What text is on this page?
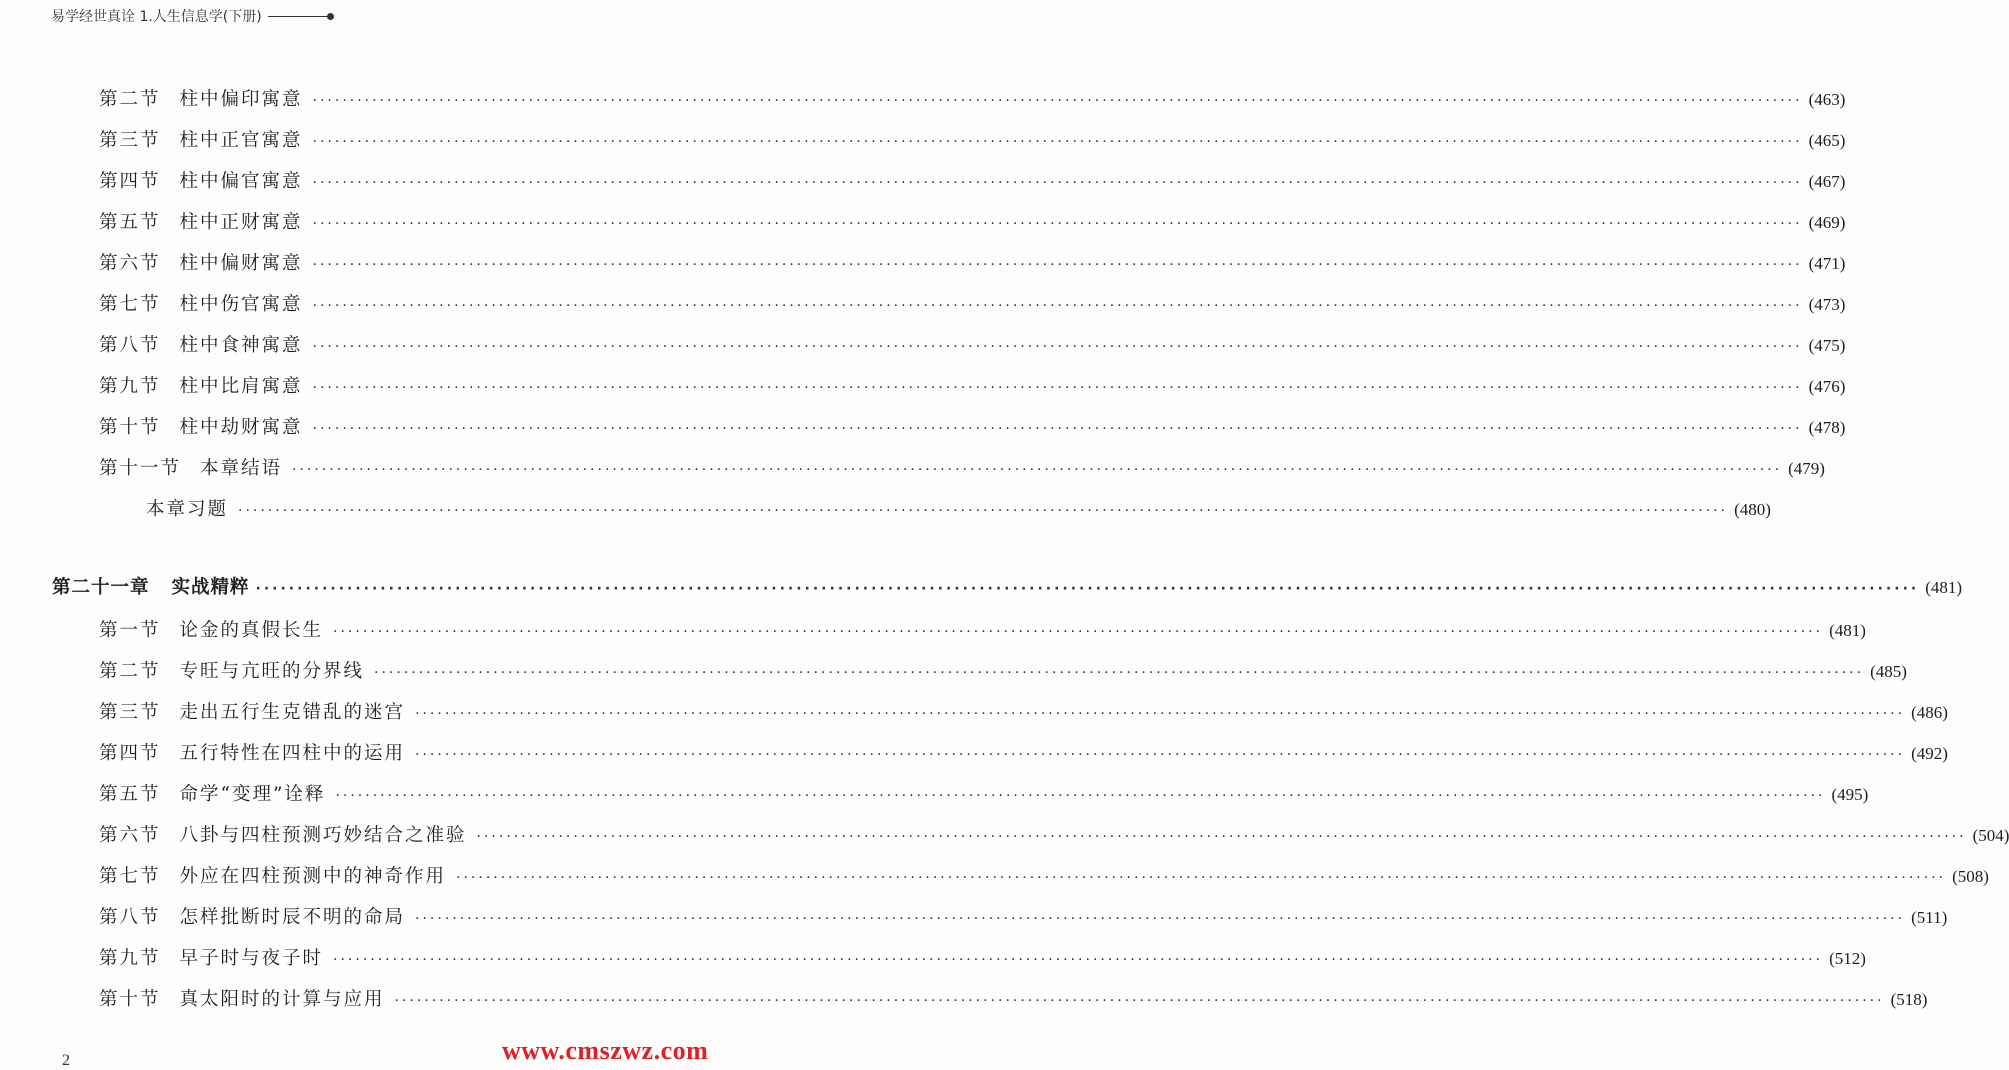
易学经世真诠 1.人生信息学(下册)
第二节 柱中偏印寓意 ········································································································································································································ (463)
第三节 柱中正官寓意 ········································································································································································································ (465)
第四节 柱中偏官寓意 ········································································································································································································ (467)
第五节 柱中正财寓意 ········································································································································································································ (469)
第六节 柱中偏财寓意 ········································································································································································································ (471)
第七节 柱中伤官寓意 ········································································································································································································ (473)
第八节 柱中食神寓意 ········································································································································································································ (475)
第九节 柱中比肩寓意 ········································································································································································································ (476)
第十节 柱中劫财寓意 ········································································································································································································ (478)
第十一节 本章结语 ········································································································································································································ (479)
本章习题 ········································································································································································································ (480)
第二十一章 实战精粹 ········································································································································································································ (481)
第一节 论金的真假长生 ········································································································································································································ (481)
第二节 专旺与亢旺的分界线 ········································································································································································································ (485)
第三节 走出五行生克错乱的迷宫 ········································································································································································································ (486)
第四节 五行特性在四柱中的运用 ········································································································································································································ (492)
第五节 命学“变理”诠释 ········································································································································································································ (495)
第六节 八卦与四柱预测巧妙结合之准验 ········································································································································································································ (504)
第七节 外应在四柱预测中的神奇作用 ········································································································································································································ (508)
第八节 怎样批断时辰不明的命局 ········································································································································································································ (511)
第九节 早子时与夜子时 ········································································································································································································ (512)
第十节 真太阳时的计算与应用 ········································································································································································································ (518)
2	www.cmszwz.com
